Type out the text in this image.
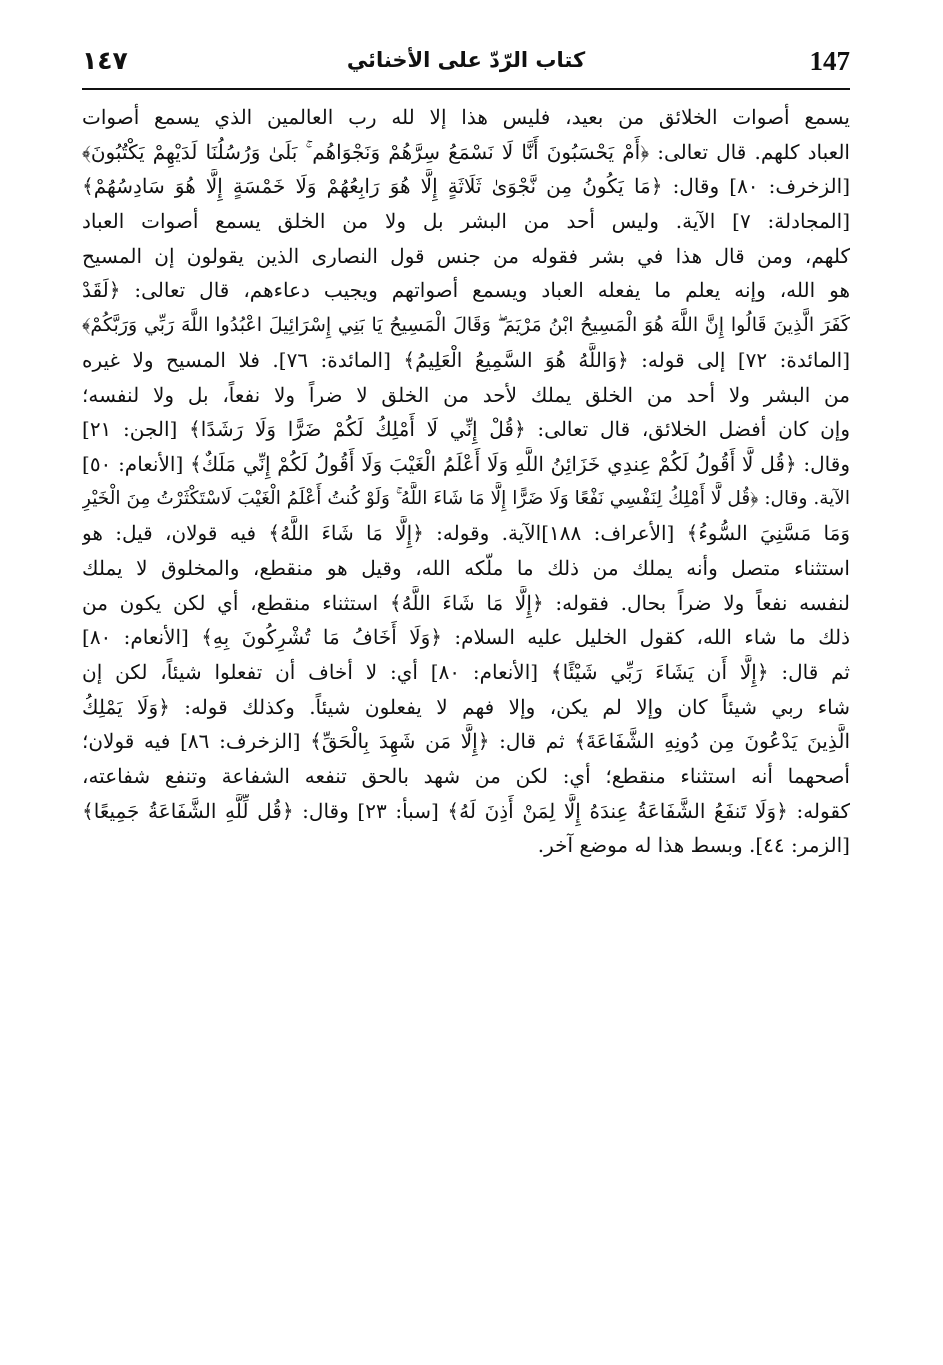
١٤٧	كتاب الرّدّ على الأخنائي	147
يسمع أصوات الخلائق من بعيد، فليس هذا إلا لله رب العالمين الذي يسمع أصوات
العباد كلهم. قال تعالى: ﴿أَمْ يَحْسَبُونَ أَنَّا لَا نَسْمَعُ سِرَّهُمْ وَنَجْوَاهُم ۚ بَلَىٰ وَرُسُلُنَا لَدَيْهِمْ يَكْتُبُونَ﴾
[الزخرف: ٨٠] وقال: ﴿مَا يَكُونُ مِن نَّجْوَىٰ ثَلَاثَةٍ إِلَّا هُوَ رَابِعُهُمْ وَلَا خَمْسَةٍ إِلَّا هُوَ سَادِسُهُمْ﴾
[المجادلة: ٧] الآية. وليس أحد من البشر بل ولا من الخلق يسمع أصوات العباد
كلهم، ومن قال هذا في بشر فقوله من جنس قول النصارى الذين يقولون إن المسيح
هو الله، وإنه يعلم ما يفعله العباد ويسمع أصواتهم ويجيب دعاءهم، قال تعالى: ﴿لَقَدْ
كَفَرَ الَّذِينَ قَالُوا إِنَّ اللَّهَ هُوَ الْمَسِيحُ ابْنُ مَرْيَمَ ۖ وَقَالَ الْمَسِيحُ يَا بَنِي إِسْرَائِيلَ اعْبُدُوا اللَّهَ رَبِّي وَرَبَّكُمْ﴾
[المائدة: ٧٢] إلى قوله: ﴿وَاللَّهُ هُوَ السَّمِيعُ الْعَلِيمُ﴾ [المائدة: ٧٦]. فلا المسيح ولا غيره
من البشر ولا أحد من الخلق يملك لأحد من الخلق لا ضراً ولا نفعاً، بل ولا لنفسه؛
وإن كان أفضل الخلائق، قال تعالى: ﴿قُلْ إِنِّي لَا أَمْلِكُ لَكُمْ ضَرًّا وَلَا رَشَدًا﴾ [الجن: ٢١]
وقال: ﴿قُل لَّا أَقُولُ لَكُمْ عِندِي خَزَائِنُ اللَّهِ وَلَا أَعْلَمُ الْغَيْبَ وَلَا أَقُولُ لَكُمْ إِنِّي مَلَكٌ﴾ [الأنعام: ٥٠]
الآية. وقال: ﴿قُل لَّا أَمْلِكُ لِنَفْسِي نَفْعًا وَلَا ضَرًّا إِلَّا مَا شَاءَ اللَّهُ ۚ وَلَوْ كُنتُ أَعْلَمُ الْغَيْبَ لَاسْتَكْثَرْتُ مِنَ الْخَيْرِ
وَمَا مَسَّنِيَ السُّوءُ﴾ [الأعراف: ١٨٨]الآية. وقوله: ﴿إِلَّا مَا شَاءَ اللَّهُ﴾ فيه قولان، قيل: هو
استثناء متصل وأنه يملك من ذلك ما ملّكه الله، وقيل هو منقطع، والمخلوق لا يملك
لنفسه نفعاً ولا ضراً بحال. فقوله: ﴿إِلَّا مَا شَاءَ اللَّهُ﴾ استثناء منقطع، أي لكن يكون من
ذلك ما شاء الله، كقول الخليل عليه السلام: ﴿وَلَا أَخَافُ مَا تُشْرِكُونَ بِهِ﴾ [الأنعام: ٨٠]
ثم قال: ﴿إِلَّا أَن يَشَاءَ رَبِّي شَيْئًا﴾ [الأنعام: ٨٠] أي: لا أخاف أن تفعلوا شيئاً، لكن إن
شاء ربي شيئاً كان وإلا لم يكن، وإلا فهم لا يفعلون شيئاً. وكذلك قوله: ﴿وَلَا يَمْلِكُ
الَّذِينَ يَدْعُونَ مِن دُونِهِ الشَّفَاعَةَ﴾ ثم قال: ﴿إِلَّا مَن شَهِدَ بِالْحَقِّ﴾ [الزخرف: ٨٦] فيه قولان؛
أصحهما أنه استثناء منقطع؛ أي: لكن من شهد بالحق تنفعه الشفاعة وتنفع شفاعته،
كقوله: ﴿وَلَا تَنفَعُ الشَّفَاعَةُ عِندَهُ إِلَّا لِمَنْ أَذِنَ لَهُ﴾ [سبأ: ٢٣] وقال: ﴿قُل لِّلَّهِ الشَّفَاعَةُ جَمِيعًا﴾
[الزمر: ٤٤]. وبسط هذا له موضع آخر.
